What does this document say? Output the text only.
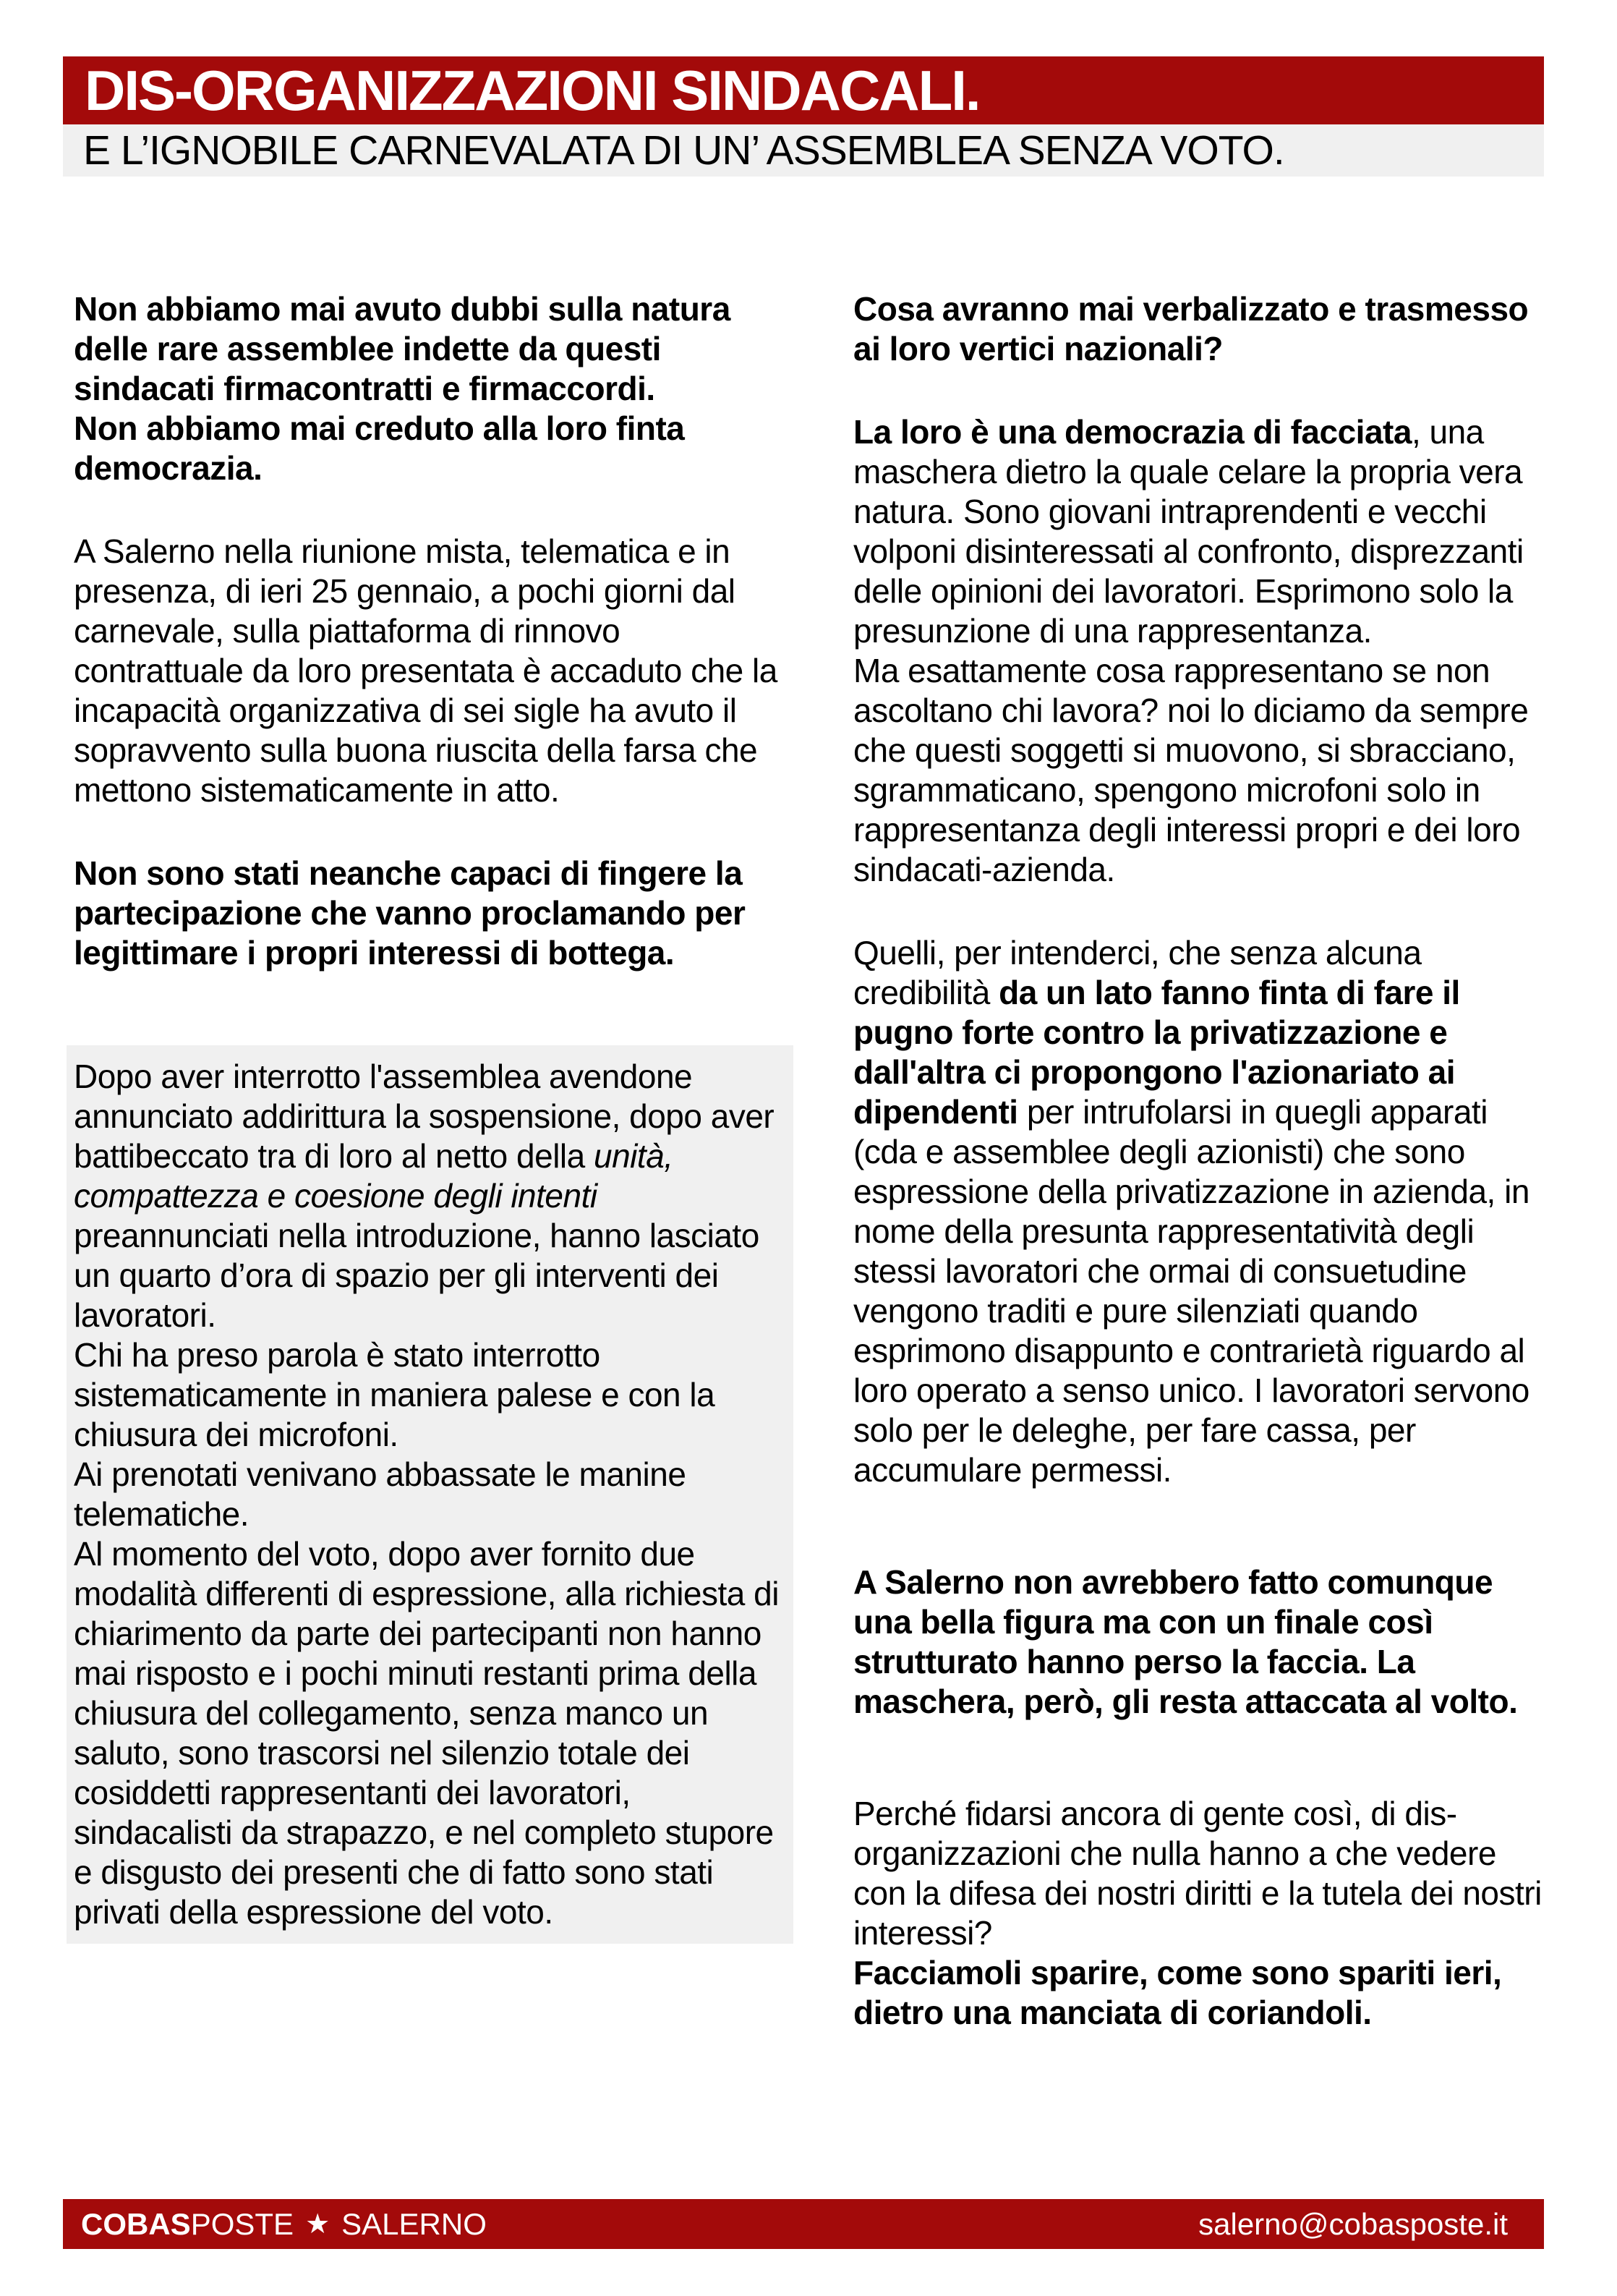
DIS-ORGANIZZAZIONI SINDACALI.
E L’IGNOBILE CARNEVALATA DI UN’ ASSEMBLEA SENZA VOTO.

Non abbiamo mai avuto dubbi sulla natura delle rare assemblee indette da questi sindacati firmacontratti e firmaccordi.

Non abbiamo mai creduto alla loro finta democrazia.

A Salerno nella riunione mista, telematica e in presenza, di ieri 25 gennaio, a pochi giorni dal carnevale, sulla piattaforma di rinnovo contrattuale da loro presentata è accaduto che la incapacità organizzativa di sei sigle ha avuto il sopravvento sulla buona riuscita della farsa che mettono sistematicamente in atto.

Non sono stati neanche capaci di fingere la partecipazione che vanno proclamando per legittimare i propri interessi di bottega.

Dopo aver interrotto l'assemblea avendone annunciato addirittura la sospensione, dopo aver battibeccato tra di loro al netto della unità, compattezza e coesione degli intenti preannunciati nella introduzione, hanno lasciato un quarto d’ora di spazio per gli interventi dei lavoratori.

Chi ha preso parola è stato interrotto sistematicamente in maniera palese e con la chiusura dei microfoni.

Ai prenotati venivano abbassate le manine telematiche.

Al momento del voto, dopo aver fornito due modalità differenti di espressione, alla richiesta di chiarimento da parte dei partecipanti non hanno mai risposto e i pochi minuti restanti prima della chiusura del collegamento, senza manco un saluto, sono trascorsi nel silenzio totale dei cosiddetti rappresentanti dei lavoratori, sindacalisti da strapazzo, e nel completo stupore e disgusto dei presenti che di fatto sono stati privati della espressione del voto.

Cosa avranno mai verbalizzato e trasmesso ai loro vertici nazionali?

La loro è una democrazia di facciata, una maschera dietro la quale celare la propria vera natura. Sono giovani intraprendenti e vecchi volponi disinteressati al confronto, disprezzanti delle opinioni dei lavoratori. Esprimono solo la presunzione di una rappresentanza.

Ma esattamente cosa rappresentano se non ascoltano chi lavora? noi lo diciamo da sempre che questi soggetti si muovono, si sbracciano, sgrammaticano, spengono microfoni solo in rappresentanza degli interessi propri e dei loro sindacati-azienda.

Quelli, per intenderci, che senza alcuna credibilità da un lato fanno finta di fare il pugno forte contro la privatizzazione e dall'altra ci propongono l'azionariato ai dipendenti per intrufolarsi in quegli apparati (cda e assemblee degli azionisti) che sono espressione della privatizzazione in azienda, in nome della presunta rappresentatività degli stessi lavoratori che ormai di consuetudine vengono traditi e pure silenziati quando esprimono disappunto e contrarietà riguardo al loro operato a senso unico. I lavoratori servono solo per le deleghe, per fare cassa, per accumulare permessi.

A Salerno non avrebbero fatto comunque una bella figura ma con un finale così strutturato hanno perso la faccia. La maschera, però, gli resta attaccata al volto.

Perché fidarsi ancora di gente così, di dis-organizzazioni che nulla hanno a che vedere con la difesa dei nostri diritti e la tutela dei nostri interessi?

Facciamoli sparire, come sono spariti ieri, dietro una manciata di coriandoli.

COBAS POSTE ★ SALERNO	salerno@cobasposte.it
